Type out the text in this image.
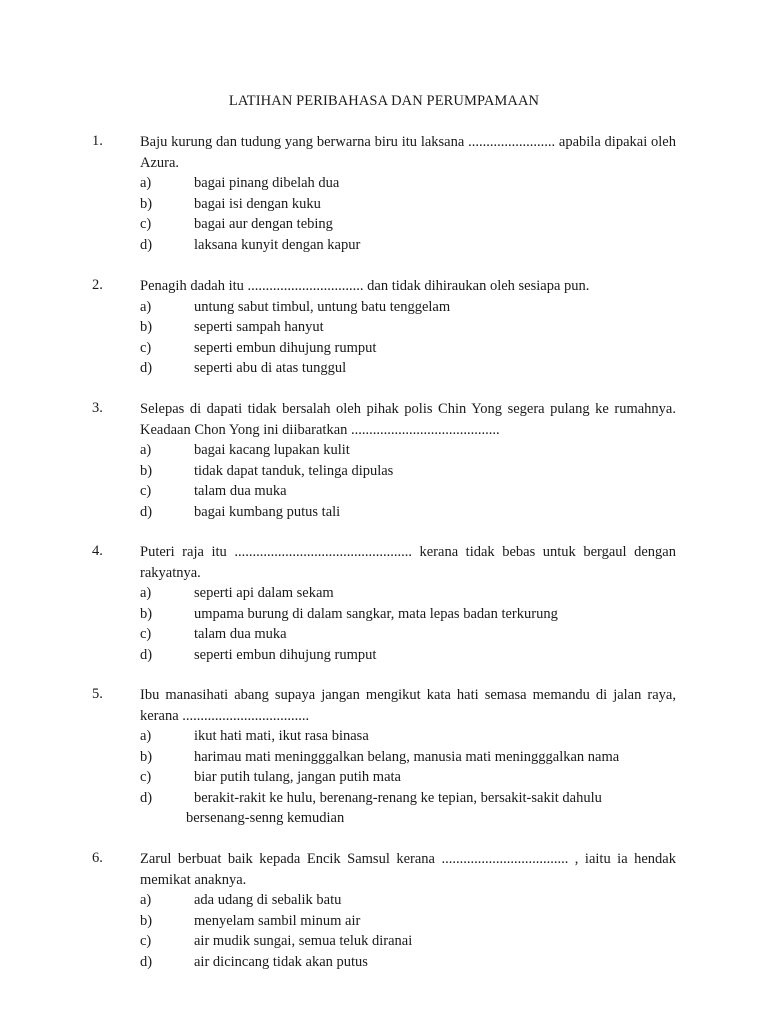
LATIHAN PERIBAHASA DAN PERUMPAMAAN
1.	Baju kurung dan tudung yang berwarna biru itu laksana ........................ apabila dipakai oleh Azura.
a)	bagai pinang dibelah dua
b)	bagai isi dengan kuku
c)	bagai aur dengan tebing
d)	laksana kunyit dengan kapur
2.	Penagih dadah itu ................................ dan tidak dihiraukan oleh sesiapa pun.
a)	untung sabut timbul, untung batu tenggelam
b)	seperti sampah hanyut
c)	seperti embun dihujung rumput
d)	seperti abu di atas tunggul
3.	Selepas di dapati tidak bersalah oleh pihak polis Chin Yong segera pulang ke rumahnya. Keadaan Chon Yong ini diibaratkan .........................................
a)	bagai kacang lupakan kulit
b)	tidak dapat tanduk, telinga dipulas
c)	talam dua muka
d)	bagai kumbang putus tali
4.	Puteri raja itu ................................................. kerana tidak bebas untuk bergaul dengan rakyatnya.
a)	seperti api dalam sekam
b)	umpama burung di dalam sangkar, mata lepas badan terkurung
c)	talam dua muka
d)	seperti embun dihujung rumput
5.	Ibu manasihati abang supaya jangan mengikut kata hati semasa memandu di jalan raya, kerana ...................................
a)	ikut hati mati, ikut rasa binasa
b)	harimau mati meningggalkan belang, manusia mati meningggalkan nama
c)	biar putih tulang, jangan putih mata
d)	berakit-rakit ke hulu, berenang-renang ke tepian, bersakit-sakit dahulu
bersenang-senng kemudian
6.	Zarul berbuat baik kepada Encik Samsul kerana ................................... , iaitu ia hendak memikat anaknya.
a)	ada udang di sebalik batu
b)	menyelam sambil minum air
c)	air mudik sungai, semua teluk diranai
d)	air dicincang tidak akan putus
